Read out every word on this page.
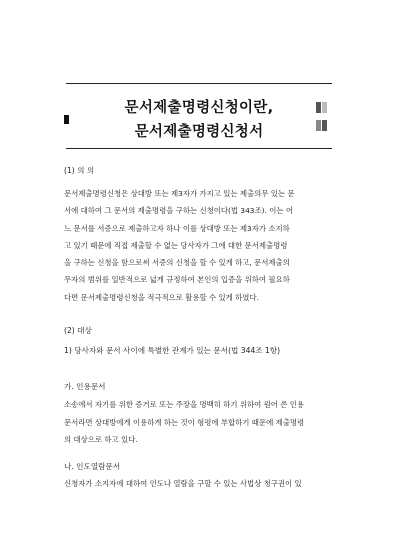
문서제출명령신청이란,
문서제출명령신청서
(1) 의 의
문서제출명령신청은 상대방 또는 제3자가 가지고 있는 제출의무 있는 문
서에 대하여 그 문서의 제출명령을 구하는 신청이다(법 343조). 이는 어
느 문서를 서증으로 제출하고자 하나 이를 상대방 또는 제3자가 소지하
고 있기 때문에 직접 제출할 수 없는 당사자가 그에 대한 문서제출명령
을 구하는 신청을 함으로써 서증의 신청을 할 수 있게 하고, 문서제출의
무자의 범위를 일반적으로 넓게 규정하여 본인의 입증을 위하여 필요하
다면 문서제출명령신청을 적극적으로 활용할 수 있게 하였다.
(2) 대상
1) 당사자와 문서 사이에 특별한 관계가 있는 문서(법 344조 1항)
가. 인용문서
소송에서 자기를 위한 증거로 또는 주장을 명백히 하기 위하여 원어 쓴 인용
문서라면 상대방에게 이용하게 하는 것이 형평에 부합하기 때문에 제출명령
의 대상으로 하고 있다.
나. 인도열람문서
신청자가 소지자에 대하여 인도나 열람을 구할 수 있는 사법상 청구권이 있
